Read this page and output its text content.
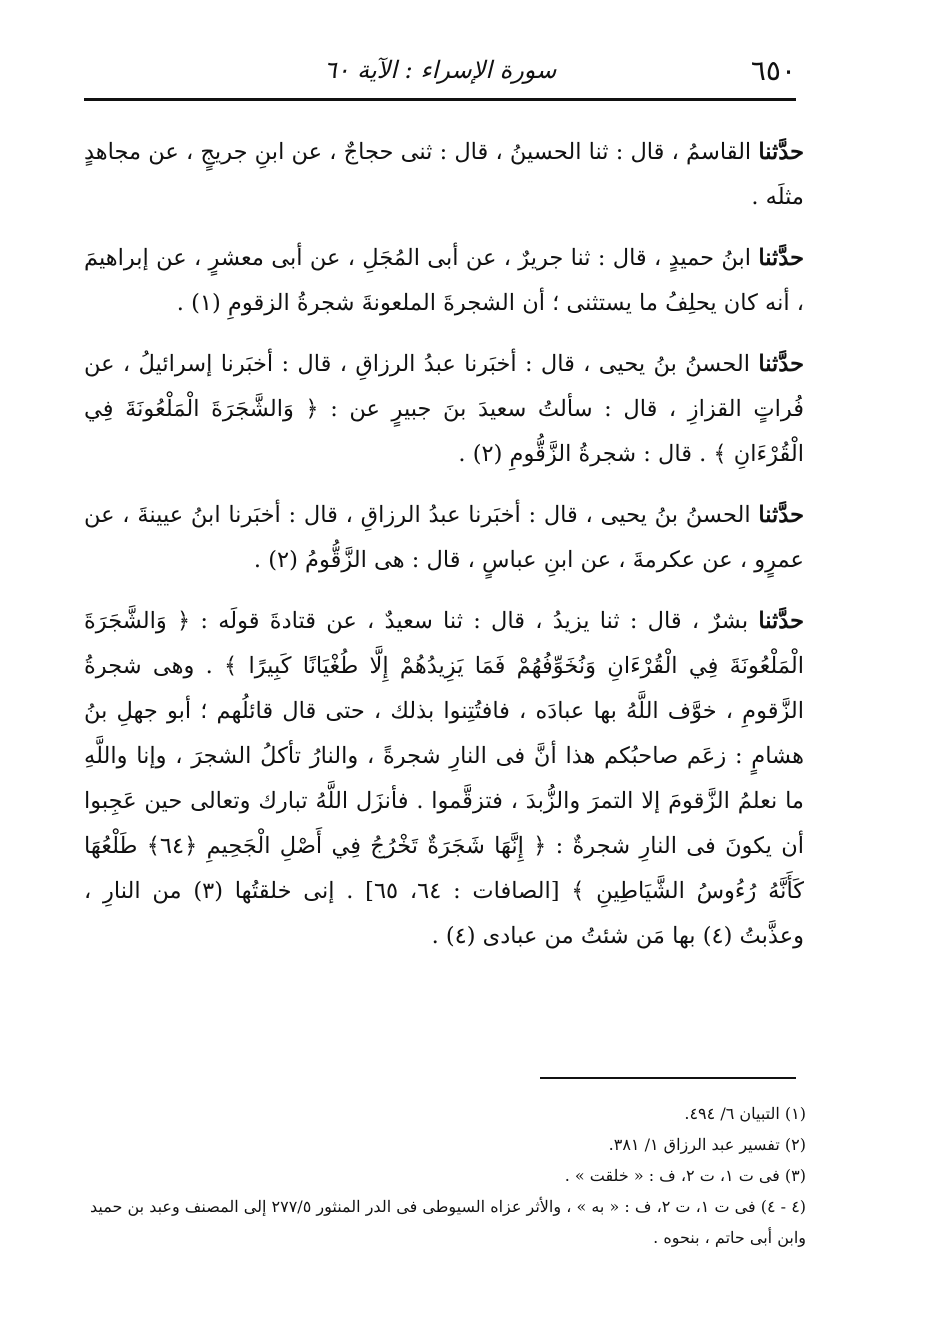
٦٥٠
سورة الإسراء : الآية ٦٠

حدَّثنا القاسمُ ، قال : ثنا الحسينُ ، قال : ثنى حجاجٌ ، عن ابنِ جريجٍ ، عن مجاهدٍ مثلَه .

حدَّثنا ابنُ حميدٍ ، قال : ثنا جريرٌ ، عن أبى المُجَلِ ، عن أبى معشرٍ ، عن إبراهيمَ ، أنه كان يحلِفُ ما يستثنى ؛ أن الشجرةَ الملعونةَ شجرةُ الزقومِ (١) .

حدَّثنا الحسنُ بنُ يحيى ، قال : أخبَرنا عبدُ الرزاقِ ، قال : أخبَرنا إسرائيلُ ، عن فُراتٍ القزازِ ، قال : سألتُ سعيدَ بنَ جبيرٍ عن : ﴿ وَالشَّجَرَةَ الْمَلْعُونَةَ فِي الْقُرْءَانِ ﴾ . قال : شجرةُ الزَّقُّومِ (٢) .

حدَّثنا الحسنُ بنُ يحيى ، قال : أخبَرنا عبدُ الرزاقِ ، قال : أخبَرنا ابنُ عيينةَ ، عن عمرٍو ، عن عكرمةَ ، عن ابنِ عباسٍ ، قال : هى الزَّقُّومُ (٢) .

حدَّثنا بشرٌ ، قال : ثنا يزيدُ ، قال : ثنا سعيدٌ ، عن قتادةَ قولَه : ﴿ وَالشَّجَرَةَ الْمَلْعُونَةَ فِي الْقُرْءَانِ وَنُخَوِّفُهُمْ فَمَا يَزِيدُهُمْ إِلَّا طُغْيَانًا كَبِيرًا ﴾ . وهى شجرةُ الزَّقومِ ، خوَّف اللَّهُ بها عبادَه ، فافتُتِنوا بذلك ، حتى قال قائلُهم ؛ أبو جهلِ بنُ هشامٍ : زعَم صاحبُكم هذا أنَّ فى النارِ شجرةً ، والنارُ تأكلُ الشجرَ ، وإنا واللَّهِ ما نعلمُ الزَّقومَ إلا التمرَ والزُّبدَ ، فتزقَّموا . فأنزَل اللَّهُ تبارك وتعالى حين عَجِبوا أن يكونَ فى النارِ شجرةٌ : ﴿ إِنَّهَا شَجَرَةٌ تَخْرُجُ فِي أَصْلِ الْجَحِيمِ ﴿٦٤﴾ طَلْعُهَا كَأَنَّهُ رُءُوسُ الشَّيَاطِينِ ﴾ [الصافات : ٦٤، ٦٥] . إنى خلقتُها (٣) من النارِ ، وعذَّبتُ (٤) بها مَن شئتُ من عبادى (٤) .

(١) التبيان ٦/ ٤٩٤.

(٢) تفسير عبد الرزاق ١/ ٣٨١.

(٣) فى ت ١، ت ٢، ف : « خلقت » .

(٤ - ٤) فى ت ١، ت ٢، ف : « به » ، والأثر عزاه السيوطى فى الدر المنثور ٢٧٧/٥ إلى المصنف وعبد بن حميد وابن أبى حاتم ، بنحوه .
